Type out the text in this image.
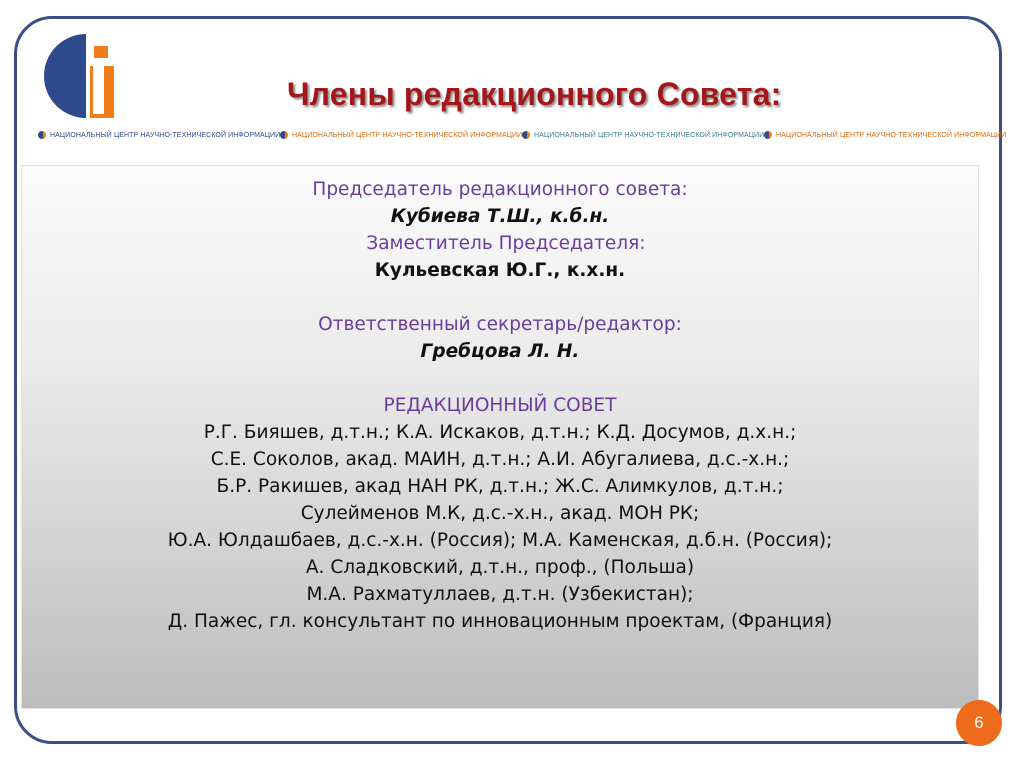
Члены редакционного Совета:
НАЦИОНАЛЬНЫЙ ЦЕНТР НАУЧНО-ТЕХНИЧЕСКОЙ ИНФОРМАЦИИ НАЦИОНАЛЬНЫЙ ЦЕНТР НАУЧНО-ТЕХНИЧЕСКОЙ ИНФОРМАЦИИ НАЦИОНАЛЬНЫЙ ЦЕНТР НАУЧНО-ТЕХНИЧЕСКОЙ ИНФОРМАЦИИ НАЦИОНАЛЬНЫЙ ЦЕНТР НАУЧНО-ТЕХНИЧЕСКОЙ ИНФОРМАЦИИ
Председатель редакционного совета:
Кубиева Т.Ш., к.б.н.
Заместитель Председателя:
Кульевская Ю.Г., к.х.н.
Ответственный секретарь/редактор:
Гребцова Л. Н.
РЕДАКЦИОННЫЙ СОВЕТ
Р.Г. Бияшев, д.т.н.; К.А. Искаков, д.т.н.; К.Д. Досумов, д.х.н.;
С.Е. Соколов, акад. МАИН, д.т.н.; А.И. Абугалиева, д.с.-х.н.;
Б.Р. Ракишев, акад НАН РК, д.т.н.; Ж.С. Алимкулов, д.т.н.;
Сулейменов М.К, д.с.-х.н., акад. МОН РК;
Ю.А. Юлдашбаев, д.с.-х.н. (Россия); М.А. Каменская, д.б.н. (Россия);
А. Сладковский, д.т.н., проф., (Польша)
М.А. Рахматуллаев, д.т.н. (Узбекистан);
Д. Пажес, гл. консультант по инновационным проектам, (Франция)
6
